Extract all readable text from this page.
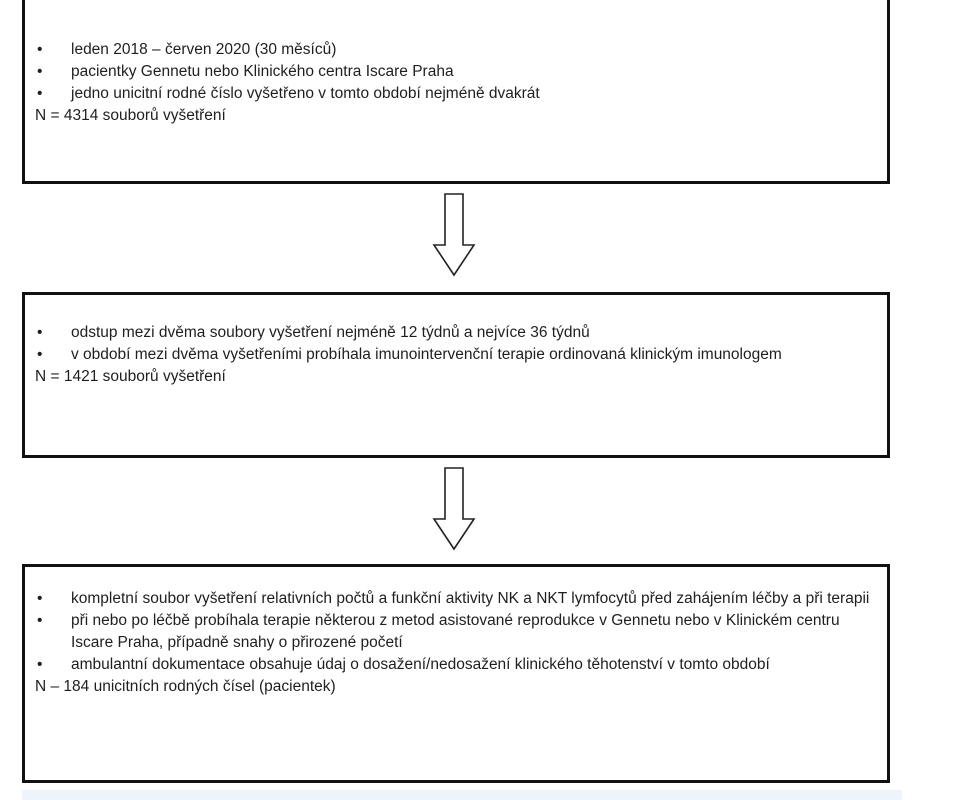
• leden 2018 – červen 2020 (30 měsíců)
• pacientky Gennetu nebo Klinického centra Iscare Praha
• jedno unicitní rodné číslo vyšetřeno v tomto období nejméně dvakrát

N = 4314 souborů vyšetření

• odstup mezi dvěma soubory vyšetření nejméně 12 týdnů a nejvíce 36 týdnů
• v období mezi dvěma vyšetřeními probíhala imunointervenční terapie ordinovaná klinickým imunologem

N = 1421 souborů vyšetření

• kompletní soubor vyšetření relativních počtů a funkční aktivity NK a NKT lymfocytů před zahájením léčby a při terapii
• při nebo po léčbě probíhala terapie některou z metod asistované reprodukce v Gennetu nebo v Klinickém centru Iscare Praha, případně snahy o přirozené početí
• ambulantní dokumentace obsahuje údaj o dosažení/nedosažení klinického těhotenství v tomto období

N – 184 unicitních rodných čísel (pacientek)
